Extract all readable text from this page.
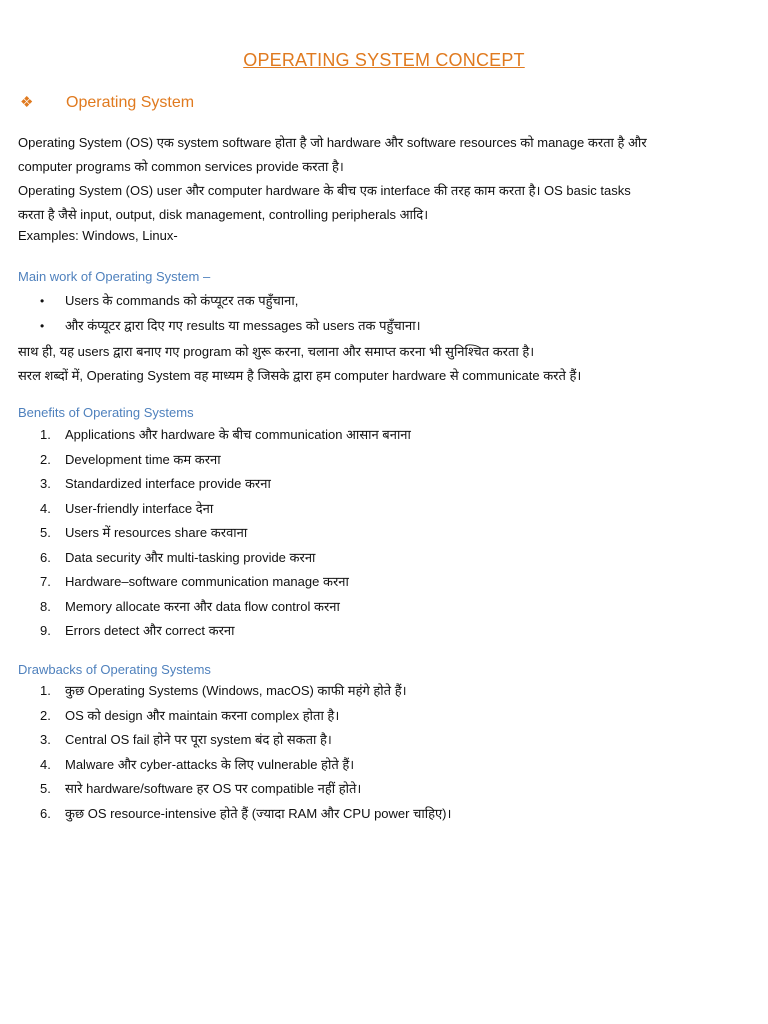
OPERATING SYSTEM CONCEPT
❖ Operating System
Operating System (OS) एक system software होता है जो hardware और software resources को manage करता है और
computer programs को common services provide करता है।
Operating System (OS) user और computer hardware के बीच एक interface की तरह काम करता है। OS basic tasks
करता है जैसे input, output, disk management, controlling peripherals आदि।
Examples: Windows, Linux-
Main work of Operating System –
• Users के commands को कंप्यूटर तक पहुँचाना,
• और कंप्यूटर द्वारा दिए गए results या messages को users तक पहुँचाना।
साथ ही, यह users द्वारा बनाए गए program को शुरू करना, चलाना और समाप्त करना भी सुनिश्चित करता है।
सरल शब्दों में, Operating System वह माध्यम है जिसके द्वारा हम computer hardware से communicate करते हैं।
Benefits of Operating Systems
1. Applications और hardware के बीच communication आसान बनाना
2. Development time कम करना
3. Standardized interface provide करना
4. User-friendly interface देना
5. Users में resources share करवाना
6. Data security और multi-tasking provide करना
7. Hardware–software communication manage करना
8. Memory allocate करना और data flow control करना
9. Errors detect और correct करना
Drawbacks of Operating Systems
1. कुछ Operating Systems (Windows, macOS) काफी महंगे होते हैं।
2. OS को design और maintain करना complex होता है।
3. Central OS fail होने पर पूरा system बंद हो सकता है।
4. Malware और cyber-attacks के लिए vulnerable होते हैं।
5. सारे hardware/software हर OS पर compatible नहीं होते।
6. कुछ OS resource-intensive होते हैं (ज्यादा RAM और CPU power चाहिए)।
